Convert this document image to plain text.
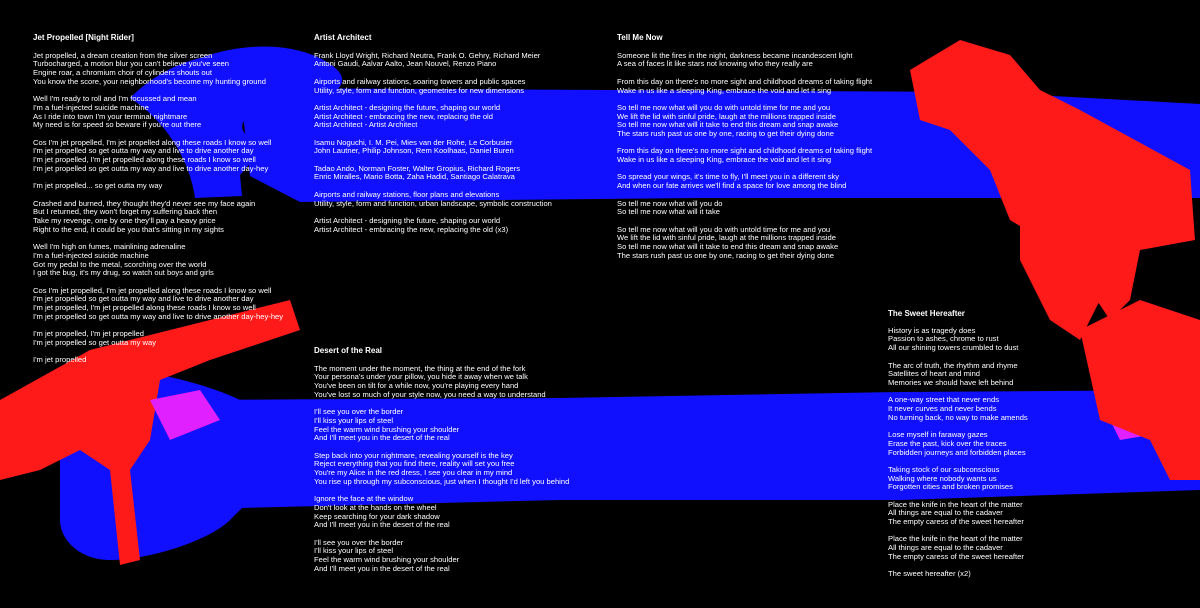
Jet Propelled [Night Rider]
Jet propelled, a dream creation from the silver screen
Turbocharged, a motion blur you can't believe you've seen
Engine roar, a chromium choir of cylinders shouts out
You know the score, your neighborhood's become my hunting ground
Well I'm ready to roll and I'm focussed and mean
I'm a fuel-injected suicide machine
As I ride into town I'm your terminal nightmare
My need is for speed so beware if you're out there
Cos I'm jet propelled, I'm jet propelled along these roads I know so well
I'm jet propelled so get outta my way and live to drive another day
I'm jet propelled, I'm jet propelled along these roads I know so well
I'm jet propelled so get outta my way and live to drive another day-hey
I'm jet propelled... so get outta my way
Crashed and burned, they thought they'd never see my face again
But I returned, they won't forget my suffering back then
Take my revenge, one by one they'll pay a heavy price
Right to the end, it could be you that's sitting in my sights
Well I'm high on fumes, mainlining adrenaline
I'm a fuel-injected suicide machine
Got my pedal to the metal, scorching over the world
I got the bug, it's my drug, so watch out boys and girls
Cos I'm jet propelled, I'm jet propelled along these roads I know so well
I'm jet propelled so get outta my way and live to drive another day
I'm jet propelled, I'm jet propelled along these roads I know so well
I'm jet propelled so get outta my way and live to drive another day-hey-hey
I'm jet propelled, I'm jet propelled
I'm jet propelled so get outta my way
I'm jet propelled
Artist Architect
Frank Lloyd Wright, Richard Neutra, Frank O. Gehry, Richard Meier
Antoni Gaudi, Aalvar Aalto, Jean Nouvel, Renzo Piano
Airports and railway stations, soaring towers and public spaces
Utility, style, form and function, geometries for new dimensions
Artist Architect - designing the future, shaping our world
Artist Architect - embracing the new, replacing the old
Artist Architect - Artist Architect
Isamu Noguchi, I. M. Pei, Mies van der Rohe, Le Corbusier
John Lautner, Philip Johnson, Rem Koolhaas, Daniel Buren
Tadao Ando, Norman Foster, Walter Gropius, Richard Rogers
Enric Miralles, Mario Botta, Zaha Hadid, Santiago Calatrava
Airports and railway stations, floor plans and elevations
Utility, style, form and function, urban landscape, symbolic construction
Artist Architect - designing the future, shaping our world
Artist Architect - embracing the new, replacing the old (x3)
Desert of the Real
The moment under the moment, the thing at the end of the fork
Your persona's under your pillow, you hide it away when we talk
You've been on tilt for a while now, you're playing every hand
You've lost so much of your style now, you need a way to understand
I'll see you over the border
I'll kiss your lips of steel
Feel the warm wind brushing your shoulder
And I'll meet you in the desert of the real
Step back into your nightmare, revealing yourself is the key
Reject everything that you find there, reality will set you free
You're my Alice in the red dress, I see you clear in my mind
You rise up through my subconscious, just when I thought I'd left you behind
Ignore the face at the window
Don't look at the hands on the wheel
Keep searching for your dark shadow
And I'll meet you in the desert of the real
I'll see you over the border
I'll kiss your lips of steel
Feel the warm wind brushing your shoulder
And I'll meet you in the desert of the real
Tell Me Now
Someone lit the fires in the night, darkness became incandescent light
A sea of faces lit like stars not knowing who they really are
From this day on there's no more sight and childhood dreams of taking flight
Wake in us like a sleeping King, embrace the void and let it sing
So tell me now what will you do with untold time for me and you
We lift the lid with sinful pride, laugh at the millions trapped inside
So tell me now what will it take to end this dream and snap awake
The stars rush past us one by one, racing to get their dying done
From this day on there's no more sight and childhood dreams of taking flight
Wake in us like a sleeping King, embrace the void and let it sing
So spread your wings, it's time to fly, I'll meet you in a different sky
And when our fate arrives we'll find a space for love among the blind
So tell me now what will you do
So tell me now what will it take
So tell me now what will you do with untold time for me and you
We lift the lid with sinful pride, laugh at the millions trapped inside
So tell me now what will it take to end this dream and snap awake
The stars rush past us one by one, racing to get their dying done
The Sweet Hereafter
History is as tragedy does
Passion to ashes, chrome to rust
All our shining towers crumbled to dust
The arc of truth, the rhythm and rhyme
Satellites of heart and mind
Memories we should have left behind
A one-way street that never ends
It never curves and never bends
No turning back, no way to make amends
Lose myself in faraway gazes
Erase the past, kick over the traces
Forbidden journeys and forbidden places
Taking stock of our subconscious
Walking where nobody wants us
Forgotten cities and broken promises
Place the knife in the heart of the matter
All things are equal to the cadaver
The empty caress of the sweet hereafter
Place the knife in the heart of the matter
All things are equal to the cadaver
The empty caress of the sweet hereafter
The sweet hereafter (x2)
